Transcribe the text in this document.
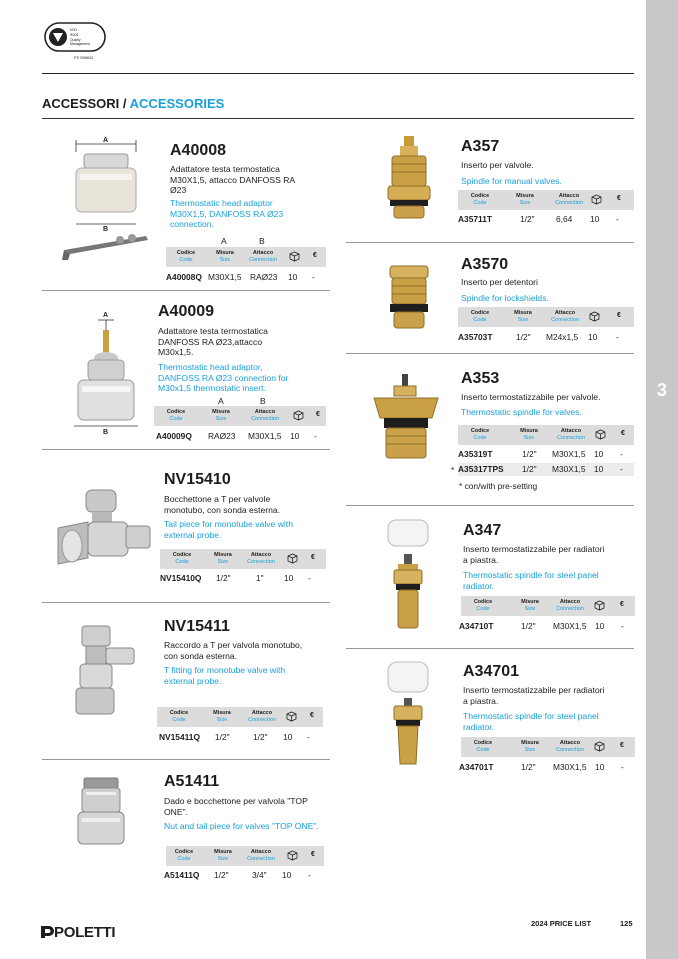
3
ISO
9001
Quality
Management
FS 559631
ACCESSORI / ACCESSORIES
A
B
A40008
Adattatore testa termostatica
M30X1,5, attacco DANFOSS RA
Ø23
Thermostatic head adaptor
M30X1,5, DANFOSS RA Ø23
connection.
A	B
Codice
Code
Misura
Size
Attacco
Connection
€
A40008Q M30X1,5 RAØ23 10 -
A
B
A40009
Adattatore testa termostatica
DANFOSS RA Ø23,attacco
M30x1,5.
Thermostatic head adaptor,
DANFOSS RA Ø23 connection for
M30x1,5 thermostatic insert.
A	B
Codice
Code
Misura
Size
Attacco
Connection
€
A40009Q RAØ23 M30X1,5 10 -
NV15410
Bocchettone a T per valvole
monotubo, con sonda esterna.
Tail piece for monotube valve with
external probe.
Codice
Code
Misura
Size
Attacco
Connection
€
NV15410Q 1/2"	1" 10 -
NV15411
Raccordo a T per valvola monotubo,
con sonda esterna.
T fitting for monotube valve with
external probe.
Codice
Code
Misura
Size
Attacco
Connection
€
NV15411Q 1/2"	1/2" 10 -
A51411
Dado e bocchettone per valvola "TOP
ONE".
Nut and tail piece for valves "TOP ONE".
Codice
Code
Misura
Size
Attacco
Connection
€
A51411Q 1/2"	3/4" 10 -
A357
Inserto per valvole.
Spindle for manual valves.
Codice
Code
Misura
Size
Attacco
Connection
€
A35711T	1/2"	6,64 10 -
A3570
Inserto per detentori
Spindle for lockshields.
Codice
Code
Misura
Size
Attacco
Connection
€
A35703T	1/2" M24x1,5 10 -
A353
Inserto termostatizzabile per valvole.
Thermostatic spindle for valves.
Codice
Code
Misura
Size
Attacco
Connection
€
A35319T	1/2" M30X1,5 10 -
A35317TPS 1/2" M30X1,5 10 -
*
* con/with pre-setting
A347
Inserto termostatizzabile per radiatori
a piastra.
Thermostatic spindle for steel panel
radiator.
Codice
Code
Misura
Size
Attacco
Connection
€
A34710T	1/2" M30X1,5 10 -
A34701
Inserto termostatizzabile per radiatori
a piastra.
Thermostatic spindle for steel panel
radiator.
Codice
Code
Misura
Size
Attacco
Connection
€
A34701T	1/2" M30X1,5 10 -
POLETTI
2024 PRICE LIST	125
